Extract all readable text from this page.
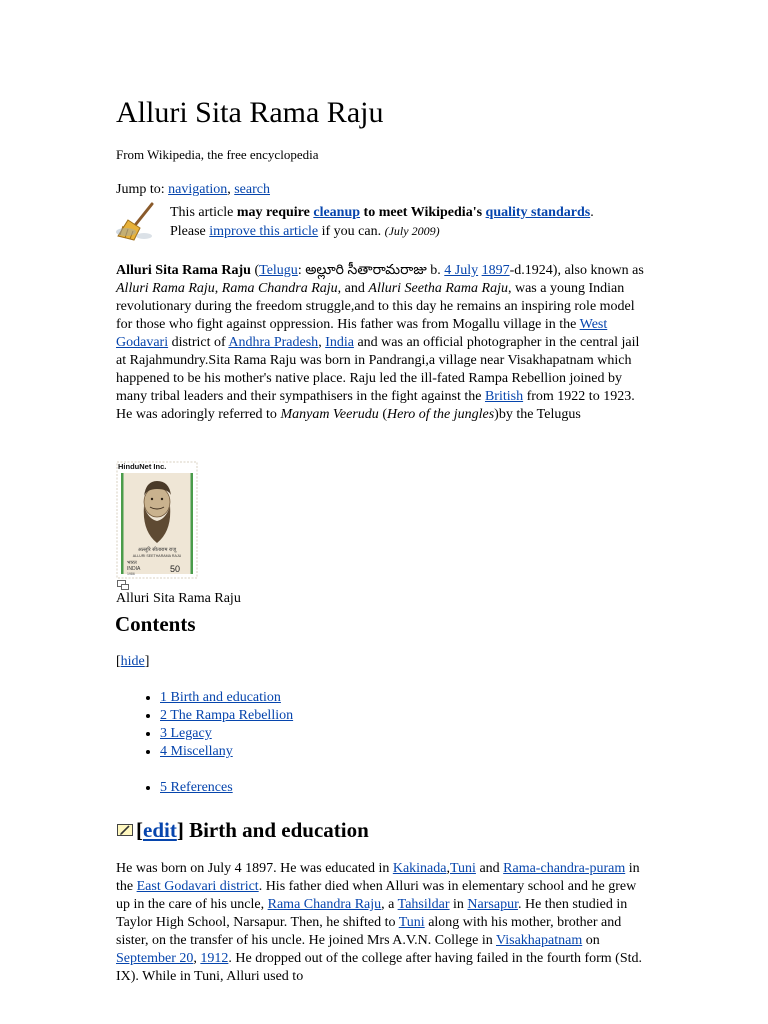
Alluri Sita Rama Raju
From Wikipedia, the free encyclopedia
Jump to: navigation, search
This article may require cleanup to meet Wikipedia's quality standards.
Please improve this article if you can. (July 2009)
Alluri Sita Rama Raju (Telugu: అల్లూరి సీతారామరాజు b. 4 July 1897-d.1924), also known as Alluri Rama Raju, Rama Chandra Raju, and Alluri Seetha Rama Raju, was a young Indian revolutionary during the freedom struggle,and to this day he remains an inspiring role model for those who fight against oppression. His father was from Mogallu village in the West Godavari district of Andhra Pradesh, India and was an official photographer in the central jail at Rajahmundry.Sita Rama Raju was born in Pandrangi,a village near Visakhapatnam which happened to be his mother's native place. Raju led the ill-fated Rampa Rebellion joined by many tribal leaders and their sympathisers in the fight against the British from 1922 to 1923. He was adoringly referred to Manyam Veerudu (Hero of the jungles)by the Telugus
HinduNet Inc.
अल्लूरि सीताराम राजू
ALLURI SEETHARAMA RAJU
भारत
INDIA
1986	50
Alluri Sita Rama Raju
Contents
[hide]
• 1 Birth and education
• 2 The Rampa Rebellion
• 3 Legacy
• 4 Miscellany
• 5 References
[edit] Birth and education
He was born on July 4 1897. He was educated in Kakinada,Tuni and Rama-chandra-puram in the East Godavari district. His father died when Alluri was in elementary school and he grew up in the care of his uncle, Rama Chandra Raju, a Tahsildar in Narsapur. He then studied in Taylor High School, Narsapur. Then, he shifted to Tuni along with his mother, brother and sister, on the transfer of his uncle. He joined Mrs A.V.N. College in Visakhapatnam on September 20, 1912. He dropped out of the college after having failed in the fourth form (Std. IX). While in Tuni, Alluri used to
